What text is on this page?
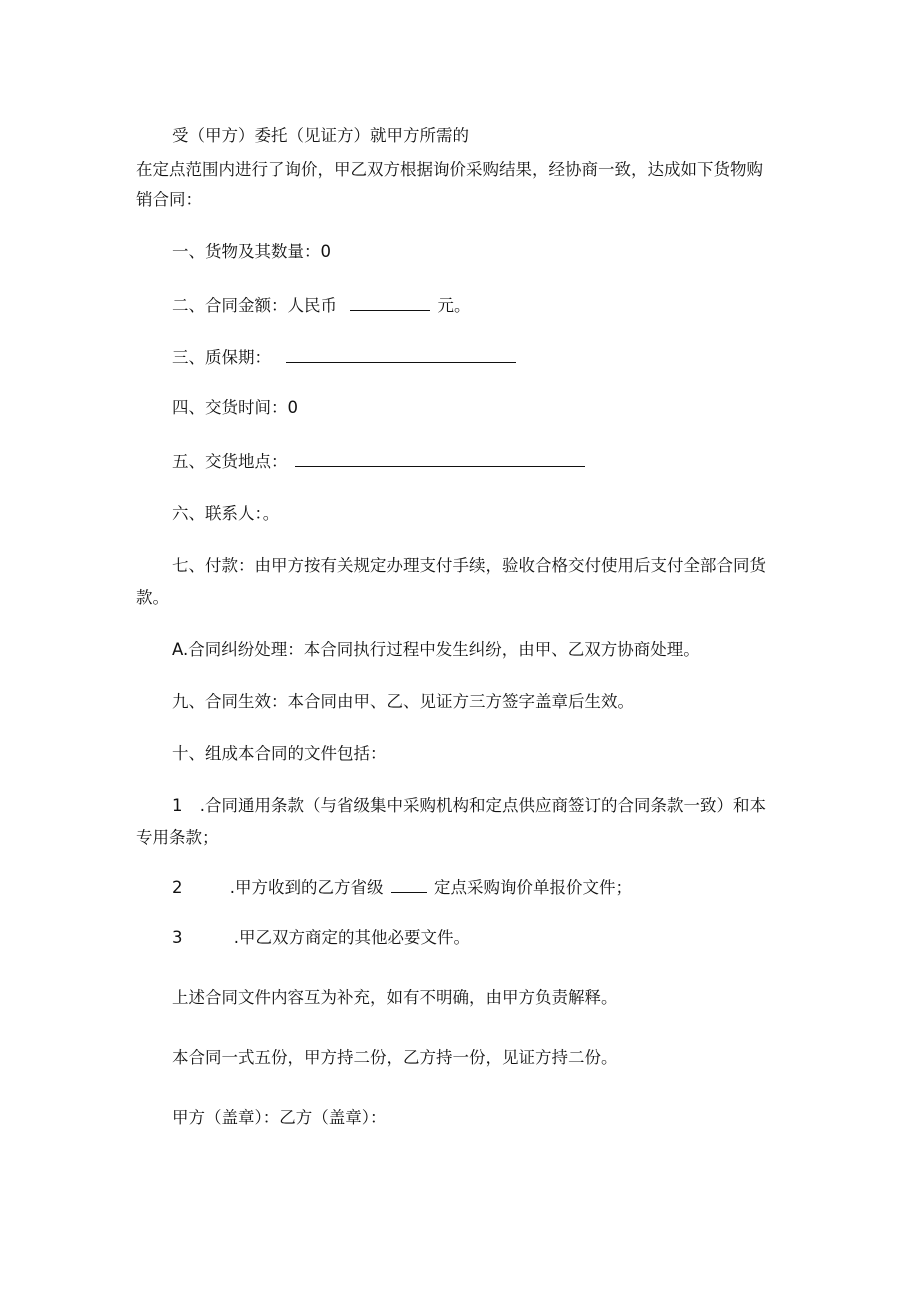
受（甲方）委托（见证方）就甲方所需的
在定点范围内进行了询价，甲乙双方根据询价采购结果，经协商一致，达成如下货物购
销合同：
一、货物及其数量：0
二、合同金额：人民币	元。
三、质保期：
四、交货时间：0
五、交货地点：
六、联系人：。
七、付款：由甲方按有关规定办理支付手续，验收合格交付使用后支付全部合同货
款。
A.合同纠纷处理：本合同执行过程中发生纠纷，由甲、乙双方协商处理。
九、合同生效：本合同由甲、乙、见证方三方签字盖章后生效。
十、组成本合同的文件包括：
1 .合同通用条款（与省级集中采购机构和定点供应商签订的合同条款一致）和本
专用条款；
2	.甲方收到的乙方省级	定点采购询价单报价文件；
3	.甲乙双方商定的其他必要文件。
上述合同文件内容互为补充，如有不明确，由甲方负责解释。
本合同一式五份，甲方持二份，乙方持一份，见证方持二份。
甲方（盖章）：乙方（盖章）：
